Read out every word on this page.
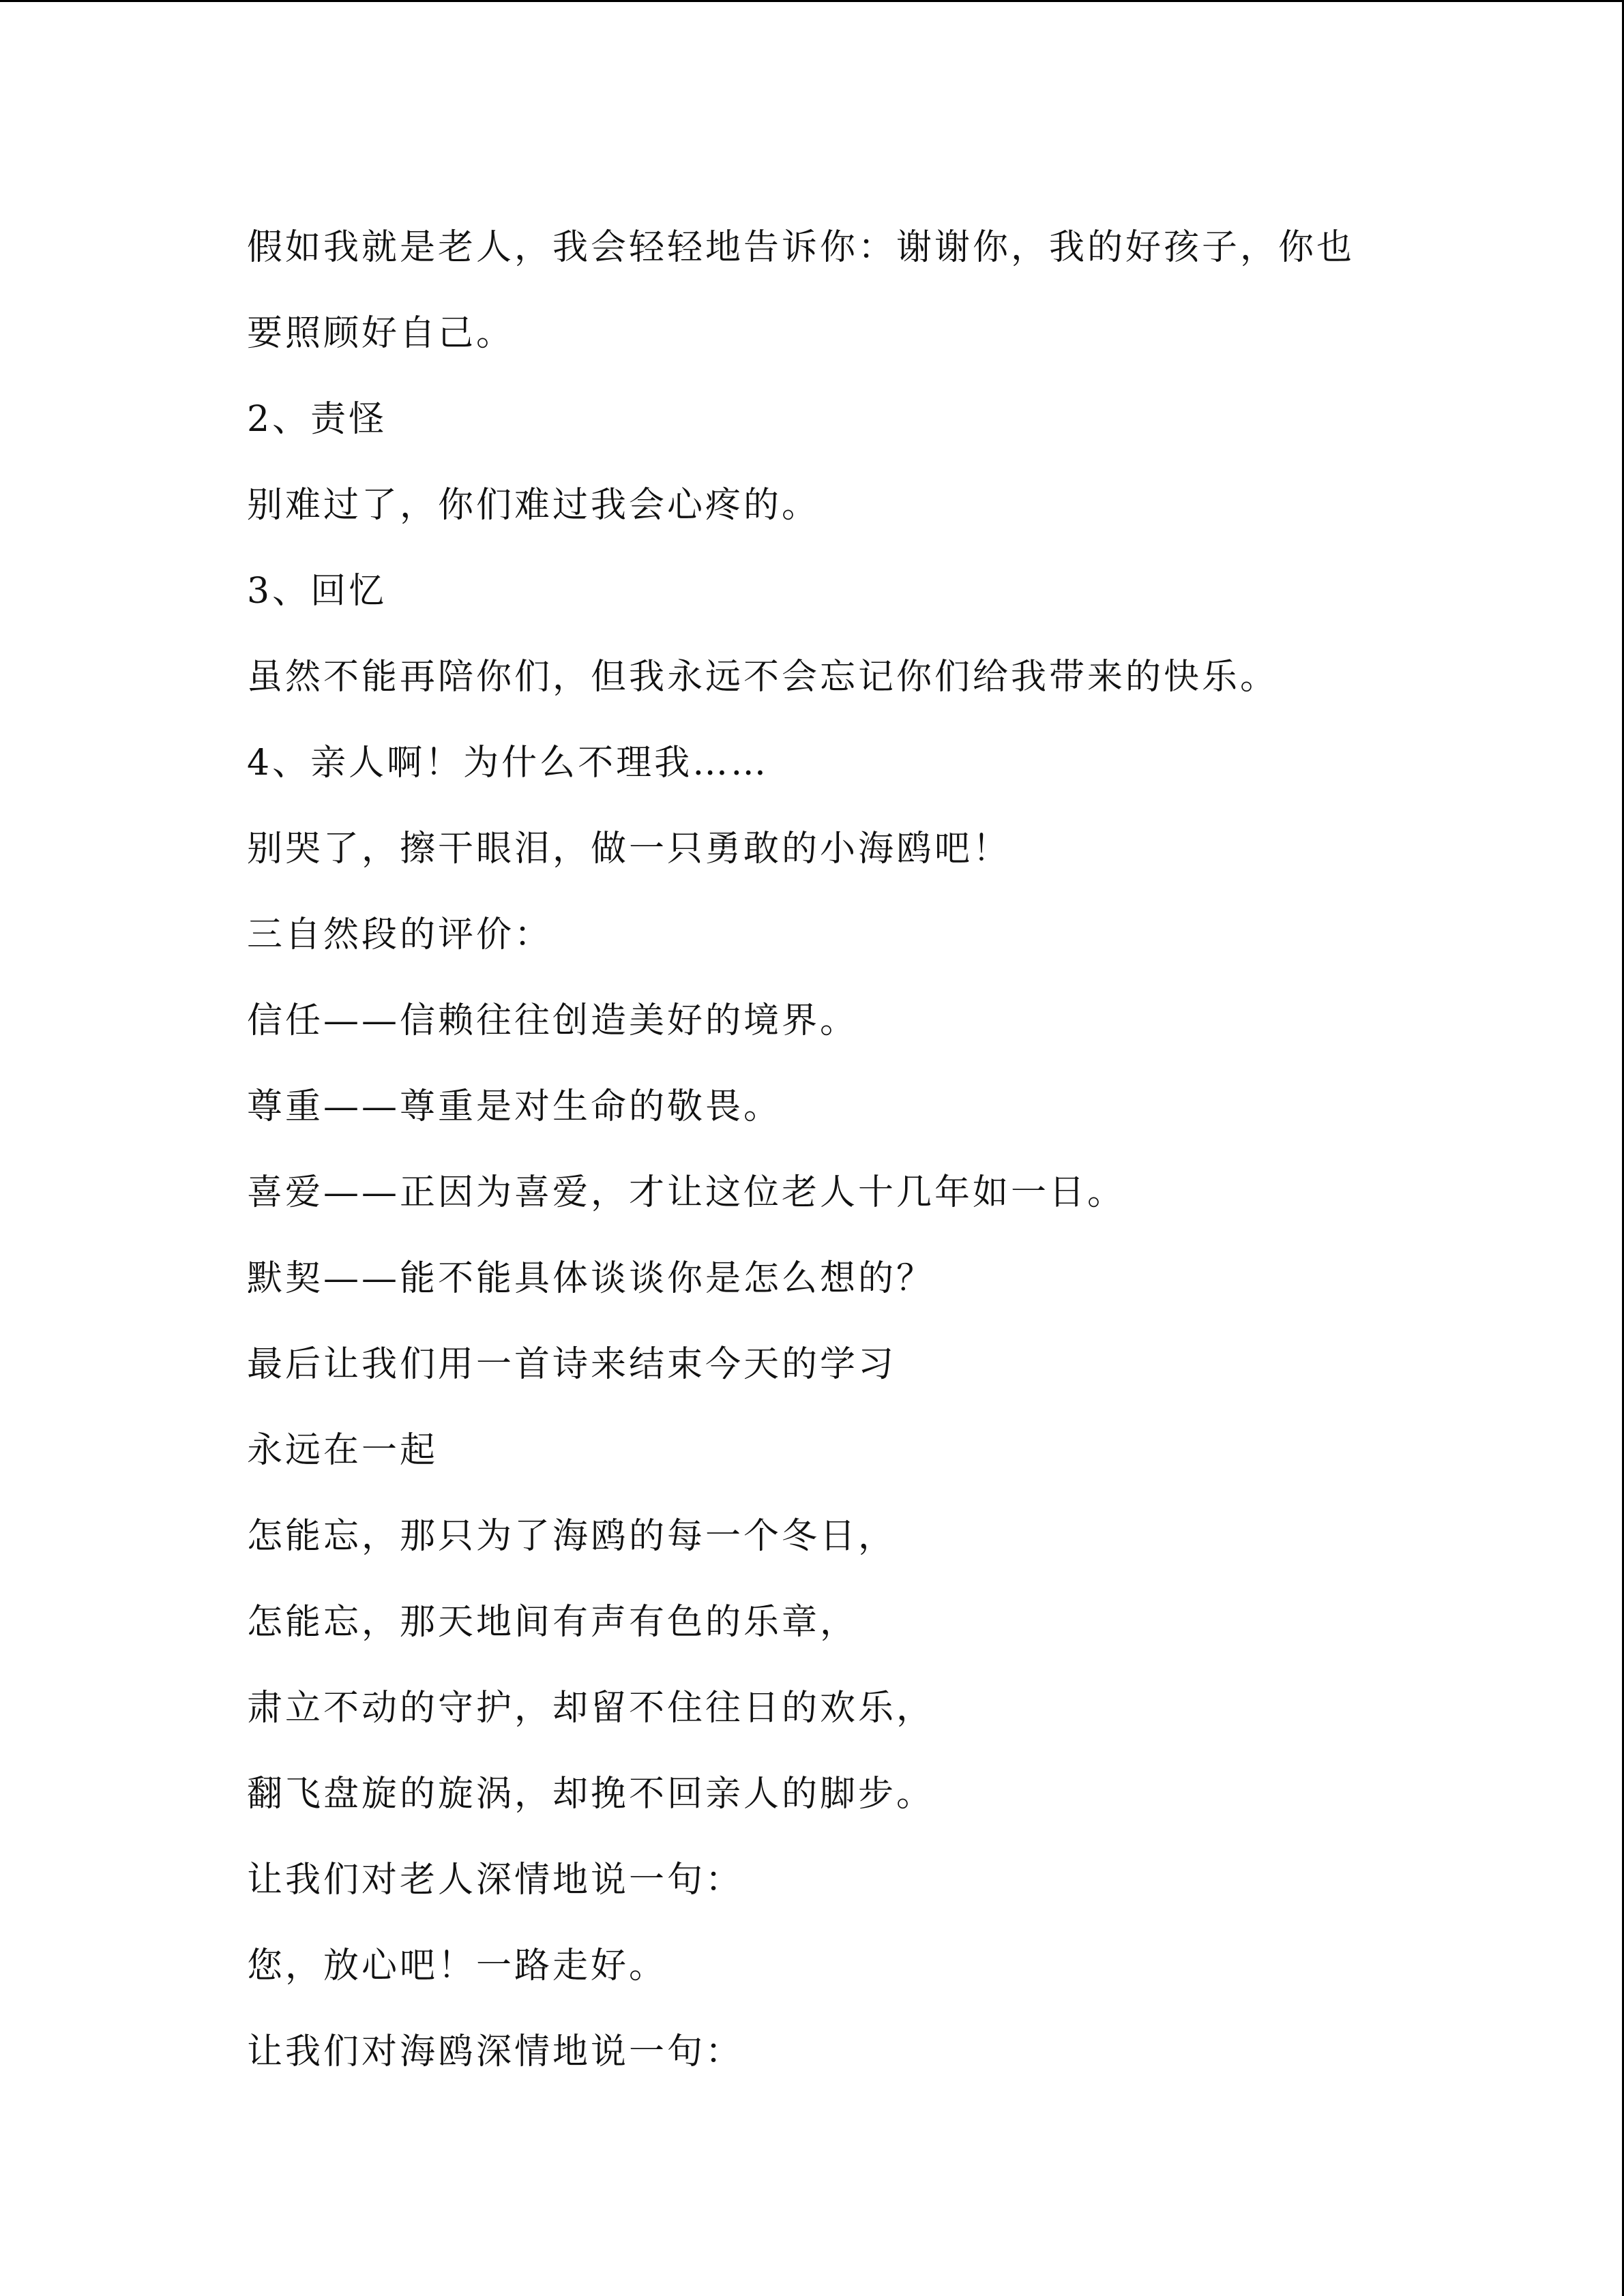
假如我就是老人，我会轻轻地告诉你：谢谢你，我的好孩子，你也

要照顾好自己。

2、责怪

别难过了，你们难过我会心疼的。

3、回忆

虽然不能再陪你们，但我永远不会忘记你们给我带来的快乐。

4、亲人啊！为什么不理我……

别哭了，擦干眼泪，做一只勇敢的小海鸥吧！

三自然段的评价：

信任——信赖往往创造美好的境界。

尊重——尊重是对生命的敬畏。

喜爱——正因为喜爱，才让这位老人十几年如一日。

默契——能不能具体谈谈你是怎么想的？

最后让我们用一首诗来结束今天的学习

永远在一起

怎能忘，那只为了海鸥的每一个冬日，

怎能忘，那天地间有声有色的乐章，

肃立不动的守护，却留不住往日的欢乐，

翻飞盘旋的旋涡，却挽不回亲人的脚步。

让我们对老人深情地说一句：

您，放心吧！一路走好。

让我们对海鸥深情地说一句：
